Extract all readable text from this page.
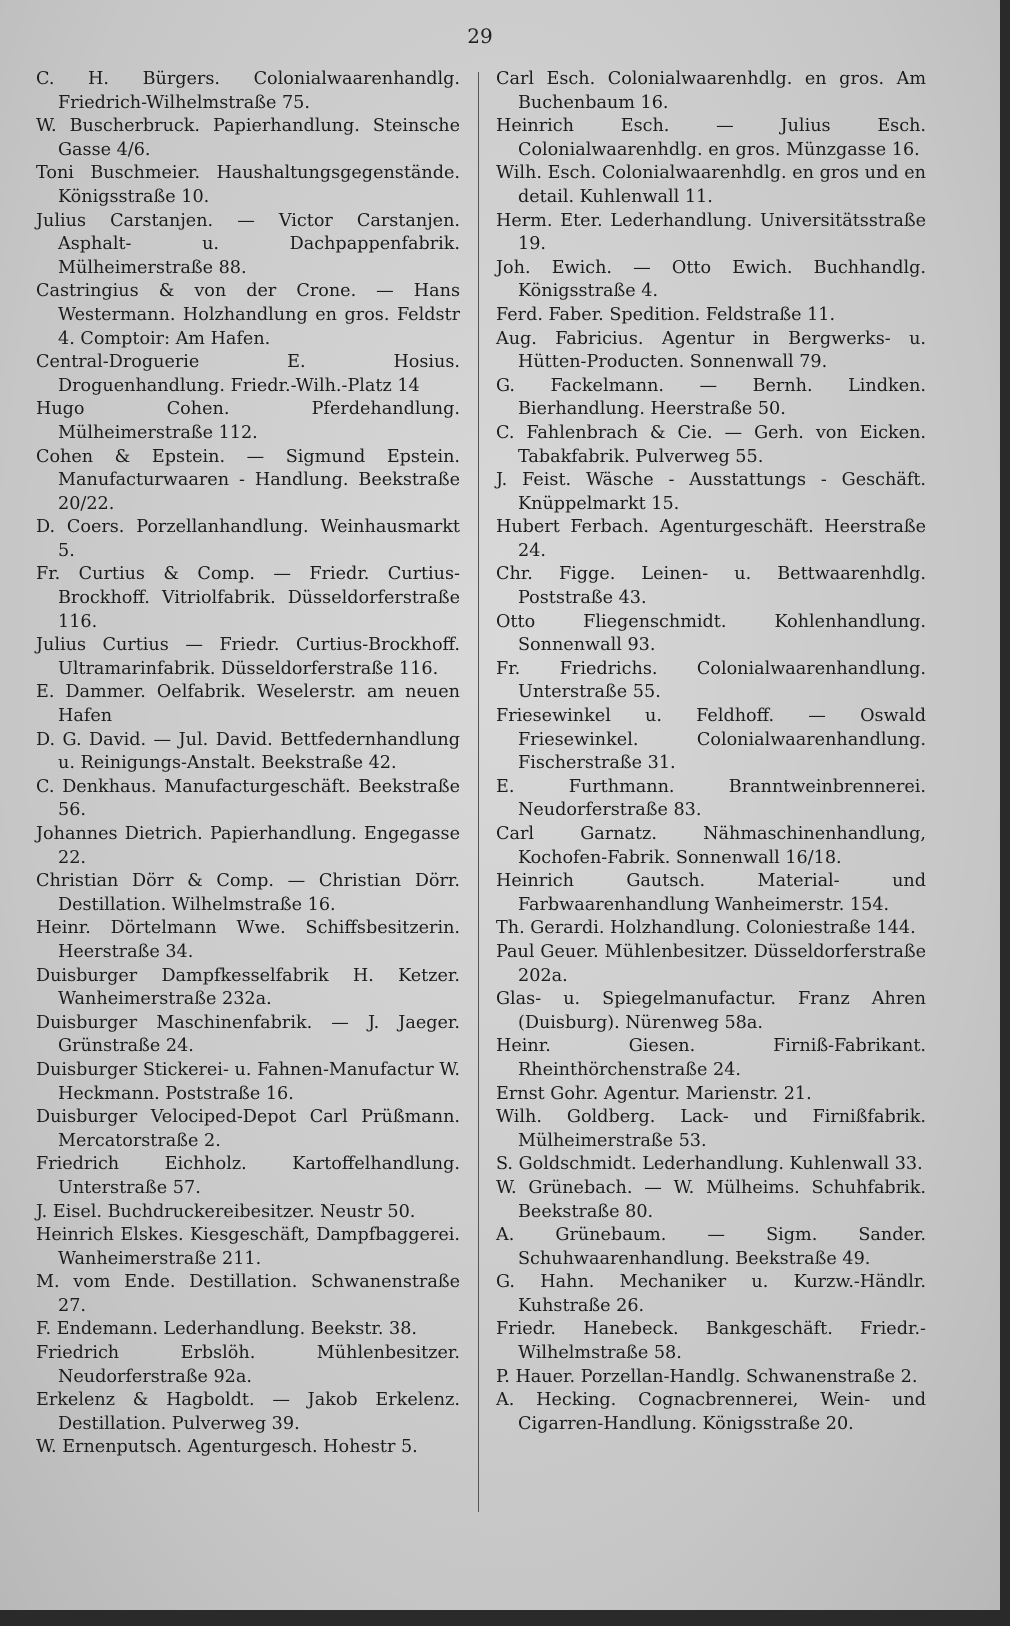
29
C. H. Bürgers. Colonialwaarenhandlg. Friedrich-Wilhelmstraße 75.
W. Buscherbruck. Papierhandlung. Steinsche Gasse 4/6.
Toni Buschmeier. Haushaltungsgegenstände. Königsstraße 10.
Julius Carstanjen. — Victor Carstanjen. Asphalt- u. Dachpappenfabrik. Mülheimerstraße 88.
Castringius & von der Crone. — Hans Westermann. Holzhandlung en gros. Feldstr 4. Comptoir: Am Hafen.
Central-Droguerie E. Hosius. Droguenhandlung. Friedr.-Wilh.-Platz 14
Hugo Cohen. Pferdehandlung. Mülheimerstraße 112.
Cohen & Epstein. — Sigmund Epstein. Manufacturwaaren - Handlung. Beekstraße 20/22.
D. Coers. Porzellanhandlung. Weinhausmarkt 5.
Fr. Curtius & Comp. — Friedr. Curtius-Brockhoff. Vitriolfabrik. Düsseldorferstraße 116.
Julius Curtius — Friedr. Curtius-Brockhoff. Ultramarinfabrik. Düsseldorferstraße 116.
E. Dammer. Oelfabrik. Weselerstr. am neuen Hafen
D. G. David. — Jul. David. Bettfedernhandlung u. Reinigungs-Anstalt. Beekstraße 42.
C. Denkhaus. Manufacturgeschäft. Beekstraße 56.
Johannes Dietrich. Papierhandlung. Engegasse 22.
Christian Dörr & Comp. — Christian Dörr. Destillation. Wilhelmstraße 16.
Heinr. Dörtelmann Wwe. Schiffsbesitzerin. Heerstraße 34.
Duisburger Dampfkesselfabrik H. Ketzer. Wanheimerstraße 232a.
Duisburger Maschinenfabrik. — J. Jaeger. Grünstraße 24.
Duisburger Stickerei- u. Fahnen-Manufactur W. Heckmann. Poststraße 16.
Duisburger Velociped-Depot Carl Prüßmann. Mercatorstraße 2.
Friedrich Eichholz. Kartoffelhandlung. Unterstraße 57.
J. Eisel. Buchdruckereibesitzer. Neustr 50.
Heinrich Elskes. Kiesgeschäft, Dampfbaggerei. Wanheimerstraße 211.
M. vom Ende. Destillation. Schwanenstraße 27.
F. Endemann. Lederhandlung. Beekstr. 38.
Friedrich Erbslöh. Mühlenbesitzer. Neudorferstraße 92a.
Erkelenz & Hagboldt. — Jakob Erkelenz. Destillation. Pulverweg 39.
W. Ernenputsch. Agenturgesch. Hohestr 5.
Carl Esch. Colonialwaarenhdlg. en gros. Am Buchenbaum 16.
Heinrich Esch. — Julius Esch. Colonialwaarenhdlg. en gros. Münzgasse 16.
Wilh. Esch. Colonialwaarenhdlg. en gros und en detail. Kuhlenwall 11.
Herm. Eter. Lederhandlung. Universitätsstraße 19.
Joh. Ewich. — Otto Ewich. Buchhandlg. Königsstraße 4.
Ferd. Faber. Spedition. Feldstraße 11.
Aug. Fabricius. Agentur in Bergwerks- u. Hütten-Producten. Sonnenwall 79.
G. Fackelmann. — Bernh. Lindken. Bierhandlung. Heerstraße 50.
C. Fahlenbrach & Cie. — Gerh. von Eicken. Tabakfabrik. Pulverweg 55.
J. Feist. Wäsche - Ausstattungs - Geschäft. Knüppelmarkt 15.
Hubert Ferbach. Agenturgeschäft. Heerstraße 24.
Chr. Figge. Leinen- u. Bettwaarenhdlg. Poststraße 43.
Otto Fliegenschmidt. Kohlenhandlung. Sonnenwall 93.
Fr. Friedrichs. Colonialwaarenhandlung. Unterstraße 55.
Friesewinkel u. Feldhoff. — Oswald Friesewinkel. Colonialwaarenhandlung. Fischerstraße 31.
E. Furthmann. Branntweinbrennerei. Neudorferstraße 83.
Carl Garnatz. Nähmaschinenhandlung, Kochofen-Fabrik. Sonnenwall 16/18.
Heinrich Gautsch. Material- und Farbwaarenhandlung Wanheimerstr. 154.
Th. Gerardi. Holzhandlung. Coloniestraße 144.
Paul Geuer. Mühlenbesitzer. Düsseldorferstraße 202a.
Glas- u. Spiegelmanufactur. Franz Ahren (Duisburg). Nürenweg 58a.
Heinr. Giesen. Firniß-Fabrikant. Rheinthörchenstraße 24.
Ernst Gohr. Agentur. Marienstr. 21.
Wilh. Goldberg. Lack- und Firnißfabrik. Mülheimerstraße 53.
S. Goldschmidt. Lederhandlung. Kuhlenwall 33.
W. Grünebach. — W. Mülheims. Schuhfabrik. Beekstraße 80.
A. Grünebaum. — Sigm. Sander. Schuhwaarenhandlung. Beekstraße 49.
G. Hahn. Mechaniker u. Kurzw.-Händlr. Kuhstraße 26.
Friedr. Hanebeck. Bankgeschäft. Friedr.-Wilhelmstraße 58.
P. Hauer. Porzellan-Handlg. Schwanenstraße 2.
A. Hecking. Cognacbrennerei, Wein- und Cigarren-Handlung. Königsstraße 20.
